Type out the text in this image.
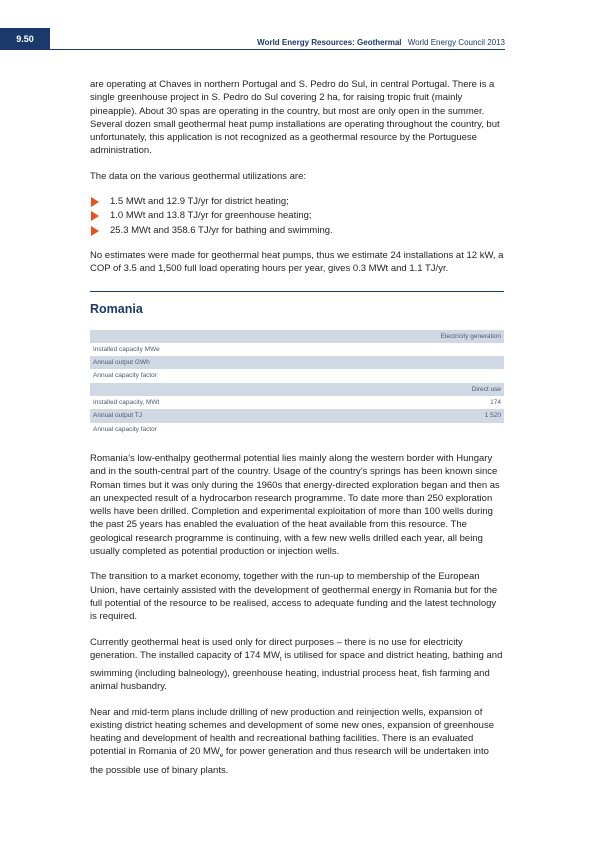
9.50	World Energy Resources: Geothermal World Energy Council 2013

are operating at Chaves in northern Portugal and S. Pedro do Sul, in central Portugal. There is a single greenhouse project in S. Pedro do Sul covering 2 ha, for raising tropic fruit (mainly pineapple). About 30 spas are operating in the country, but most are only open in the summer. Several dozen small geothermal heat pump installations are operating throughout the country, but unfortunately, this application is not recognized as a geothermal resource by the Portuguese administration.

The data on the various geothermal utilizations are:

1.5 MWt and 12.9 TJ/yr for district heating;
1.0 MWt and 13.8 TJ/yr for greenhouse heating;
25.3 MWt and 358.6 TJ/yr for bathing and swimming.

No estimates were made for geothermal heat pumps, thus we estimate 24 installations at 12 kW, a COP of 3.5 and 1,500 full load operating hours per year, gives 0.3 MWt and 1.1 TJ/yr.

Romania
	Electricity generation
Installed capacity MWe	
Annual output GWh	
Annual capacity factor	
	Direct use
Installed capacity, MWt	174
Annual output TJ	1 520
Annual capacity factor	

Romania’s low-enthalpy geothermal potential lies mainly along the western border with Hungary and in the south-central part of the country. Usage of the country’s springs has been known since Roman times but it was only during the 1960s that energy-directed exploration began and then as an unexpected result of a hydrocarbon research programme. To date more than 250 exploration wells have been drilled. Completion and experimental exploitation of more than 100 wells during the past 25 years has enabled the evaluation of the heat available from this resource. The geological research programme is continuing, with a few new wells drilled each year, all being usually completed as potential production or injection wells.

The transition to a market economy, together with the run-up to membership of the European Union, have certainly assisted with the development of geothermal energy in Romania but for the full potential of the resource to be realised, access to adequate funding and the latest technology is required.

Currently geothermal heat is used only for direct purposes – there is no use for electricity generation. The installed capacity of 174 $MW_t$ is utilised for space and district heating, bathing and swimming (including balneology), greenhouse heating, industrial process heat, fish farming and animal husbandry.

Near and mid-term plans include drilling of new production and reinjection wells, expansion of existing district heating schemes and development of some new ones, expansion of greenhouse heating and development of health and recreational bathing facilities. There is an evaluated potential in Romania of 20 $MW_e$ for power generation and thus research will be undertaken into the possible use of binary plants.
